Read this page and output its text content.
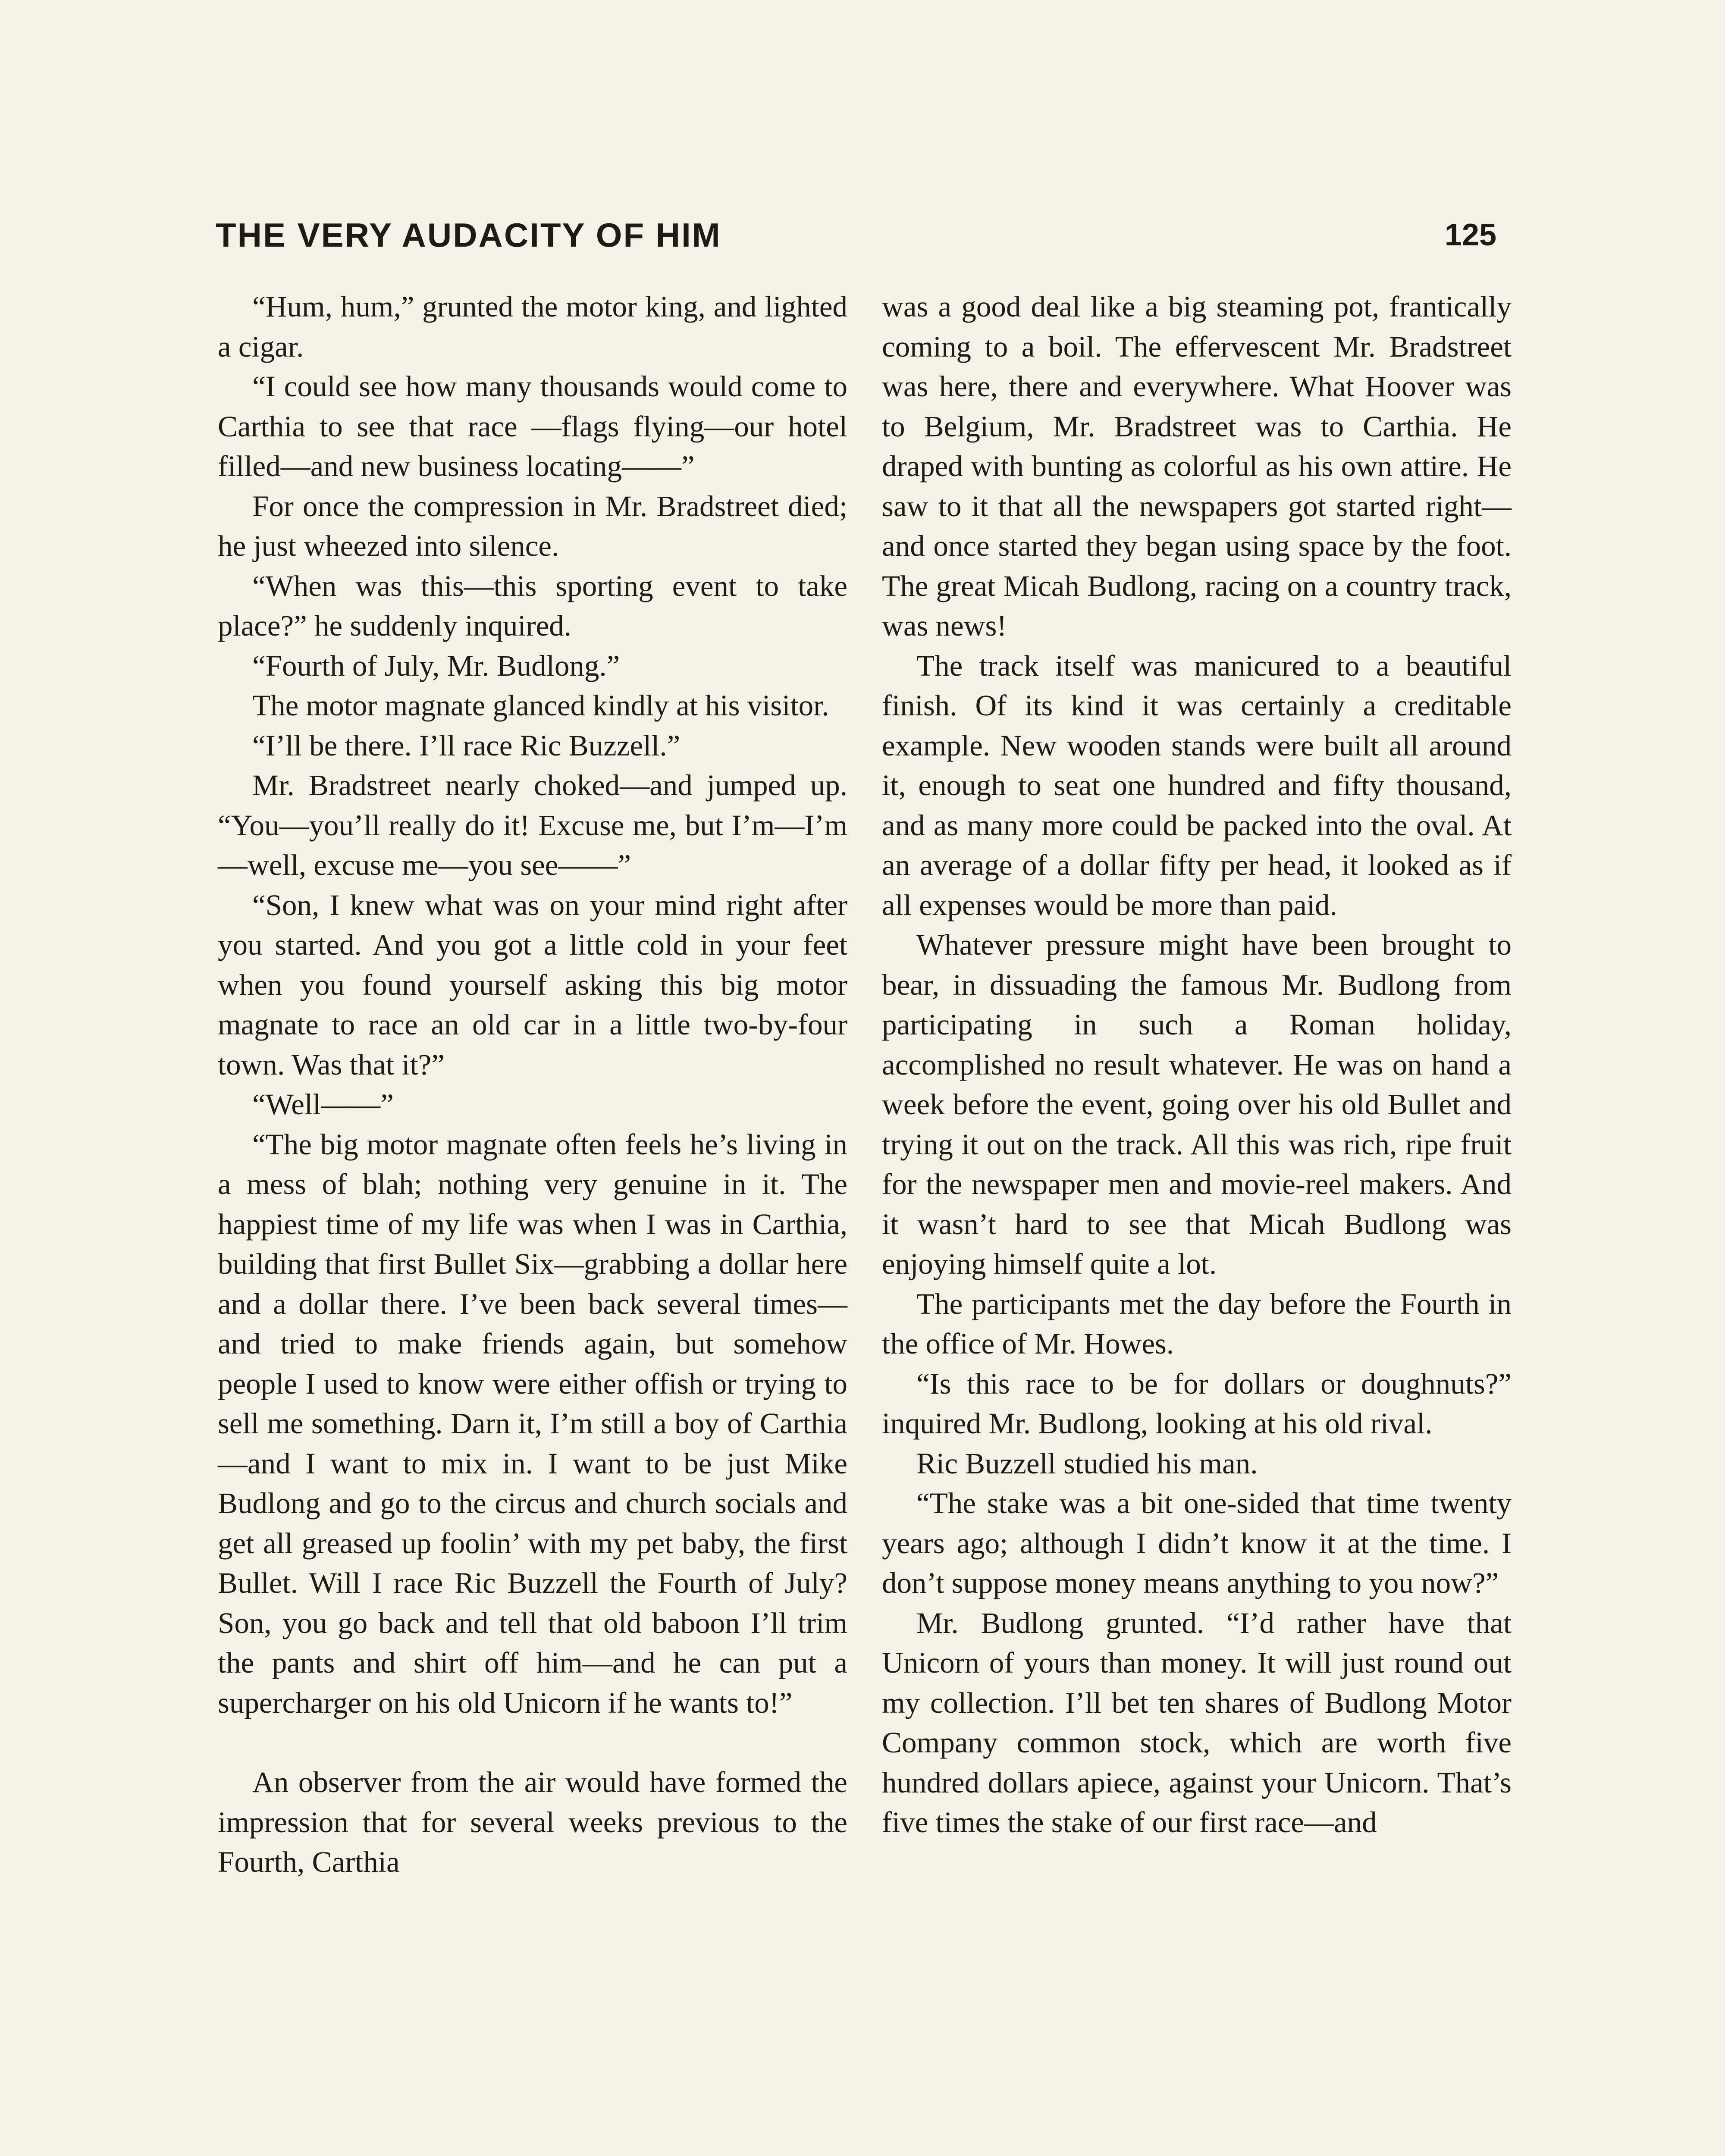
THE VERY AUDACITY OF HIM	125

“Hum, hum,” grunted the motor king, and lighted a cigar.

“I could see how many thousands would come to Carthia to see that race —flags flying—our hotel filled—and new business locating——”

For once the compression in Mr. Bradstreet died; he just wheezed into silence.

“When was this—this sporting event to take place?” he suddenly inquired.

“Fourth of July, Mr. Budlong.”

The motor magnate glanced kindly at his visitor.

“I’ll be there. I’ll race Ric Buzzell.”

Mr. Bradstreet nearly choked—and jumped up. “You—you’ll really do it! Excuse me, but I’m—I’m—well, excuse me—you see——”

“Son, I knew what was on your mind right after you started. And you got a little cold in your feet when you found yourself asking this big motor magnate to race an old car in a little two-by-four town. Was that it?”

“Well——”

“The big motor magnate often feels he’s living in a mess of blah; nothing very genuine in it. The happiest time of my life was when I was in Carthia, building that first Bullet Six—grabbing a dollar here and a dollar there. I’ve been back several times—and tried to make friends again, but somehow people I used to know were either offish or trying to sell me something. Darn it, I’m still a boy of Carthia—and I want to mix in. I want to be just Mike Budlong and go to the circus and church socials and get all greased up foolin’ with my pet baby, the first Bullet. Will I race Ric Buzzell the Fourth of July? Son, you go back and tell that old baboon I’ll trim the pants and shirt off him—and he can put a supercharger on his old Unicorn if he wants to!”

An observer from the air would have formed the impression that for several weeks previous to the Fourth, Carthia

was a good deal like a big steaming pot, frantically coming to a boil. The effervescent Mr. Bradstreet was here, there and everywhere. What Hoover was to Belgium, Mr. Bradstreet was to Carthia. He draped with bunting as colorful as his own attire. He saw to it that all the newspapers got started right—and once started they began using space by the foot. The great Micah Budlong, racing on a country track, was news!

The track itself was manicured to a beautiful finish. Of its kind it was certainly a creditable example. New wooden stands were built all around it, enough to seat one hundred and fifty thousand, and as many more could be packed into the oval. At an average of a dollar fifty per head, it looked as if all expenses would be more than paid.

Whatever pressure might have been brought to bear, in dissuading the famous Mr. Budlong from participating in such a Roman holiday, accomplished no result whatever. He was on hand a week before the event, going over his old Bullet and trying it out on the track. All this was rich, ripe fruit for the newspaper men and movie-reel makers. And it wasn’t hard to see that Micah Budlong was enjoying himself quite a lot.

The participants met the day before the Fourth in the office of Mr. Howes.

“Is this race to be for dollars or doughnuts?” inquired Mr. Budlong, looking at his old rival.

Ric Buzzell studied his man.

“The stake was a bit one-sided that time twenty years ago; although I didn’t know it at the time. I don’t suppose money means anything to you now?”

Mr. Budlong grunted. “I’d rather have that Unicorn of yours than money. It will just round out my collection. I’ll bet ten shares of Budlong Motor Company common stock, which are worth five hundred dollars apiece, against your Unicorn. That’s five times the stake of our first race—and
